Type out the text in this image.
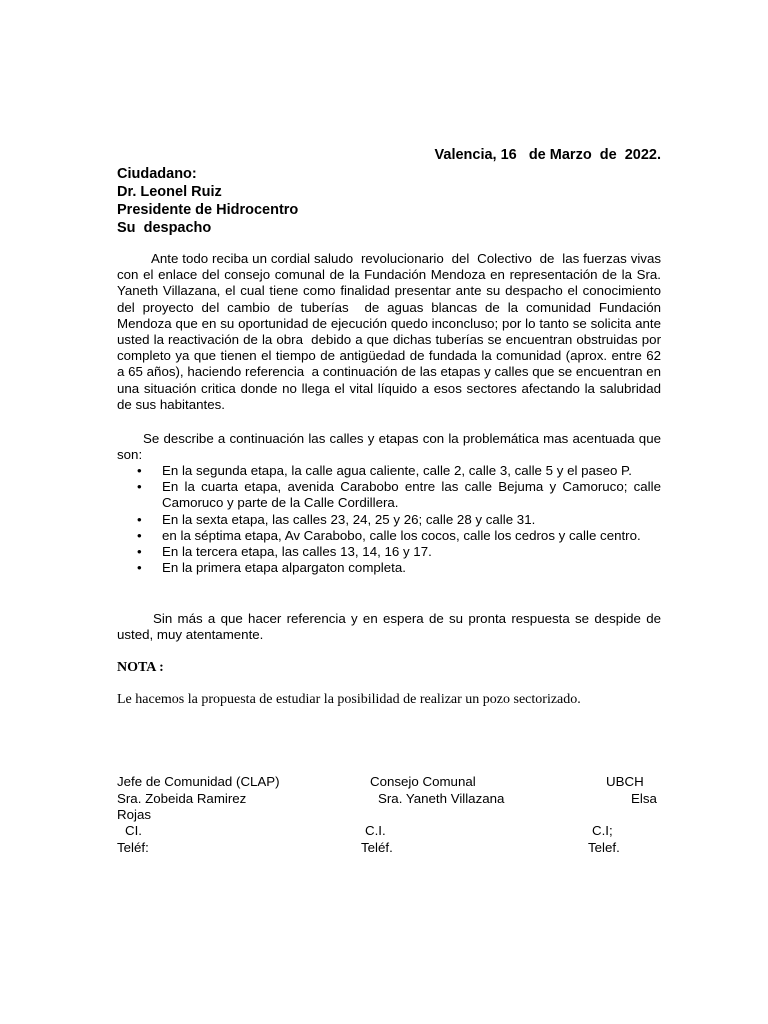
Valencia, 16   de Marzo  de  2022.
Ciudadano:
Dr. Leonel Ruiz
Presidente de Hidrocentro
Su  despacho
Ante todo reciba un cordial saludo  revolucionario  del  Colectivo  de  las fuerzas vivas    con el enlace del consejo comunal de la Fundación Mendoza en representación de la Sra. Yaneth Villazana, el cual tiene como finalidad presentar ante su despacho el conocimiento del proyecto del cambio de tuberías  de aguas blancas de la comunidad Fundación Mendoza que en su oportunidad de ejecución quedo inconcluso; por lo tanto se solicita ante usted la reactivación de la obra  debido a que dichas tuberías se encuentran obstruidas por completo ya que tienen el tiempo de antigüedad de fundada la comunidad (aprox. entre 62 a 65 años), haciendo referencia  a continuación de las etapas y calles que se encuentran en una situación critica donde no llega el vital líquido a esos sectores afectando la salubridad de sus habitantes.
Se describe a continuación las calles y etapas con la problemática mas acentuada que son:
• En la segunda etapa, la calle agua caliente, calle 2, calle 3, calle 5 y el paseo P.
• En la cuarta etapa, avenida Carabobo entre las calle Bejuma y Camoruco; calle Camoruco y parte de la Calle Cordillera.
• En la sexta etapa, las calles 23, 24, 25 y 26; calle 28 y calle 31.
• en la séptima etapa, Av Carabobo, calle los cocos, calle los cedros y calle centro.
• En la tercera etapa, las calles 13, 14, 16 y 17.
• En la primera etapa alpargaton completa.
Sin más a que hacer referencia y en espera de su pronta respuesta se despide de usted, muy atentamente.
NOTA :
Le hacemos la propuesta de estudiar la posibilidad de realizar un pozo sectorizado.
Jefe de Comunidad (CLAP)
Sra. Zobeida Ramirez
CI.
Teléf:
Consejo Comunal
Sra. Yaneth Villazana
C.I.
Teléf.
UBCH
Elsa
Rojas
C.I;
Telef.
